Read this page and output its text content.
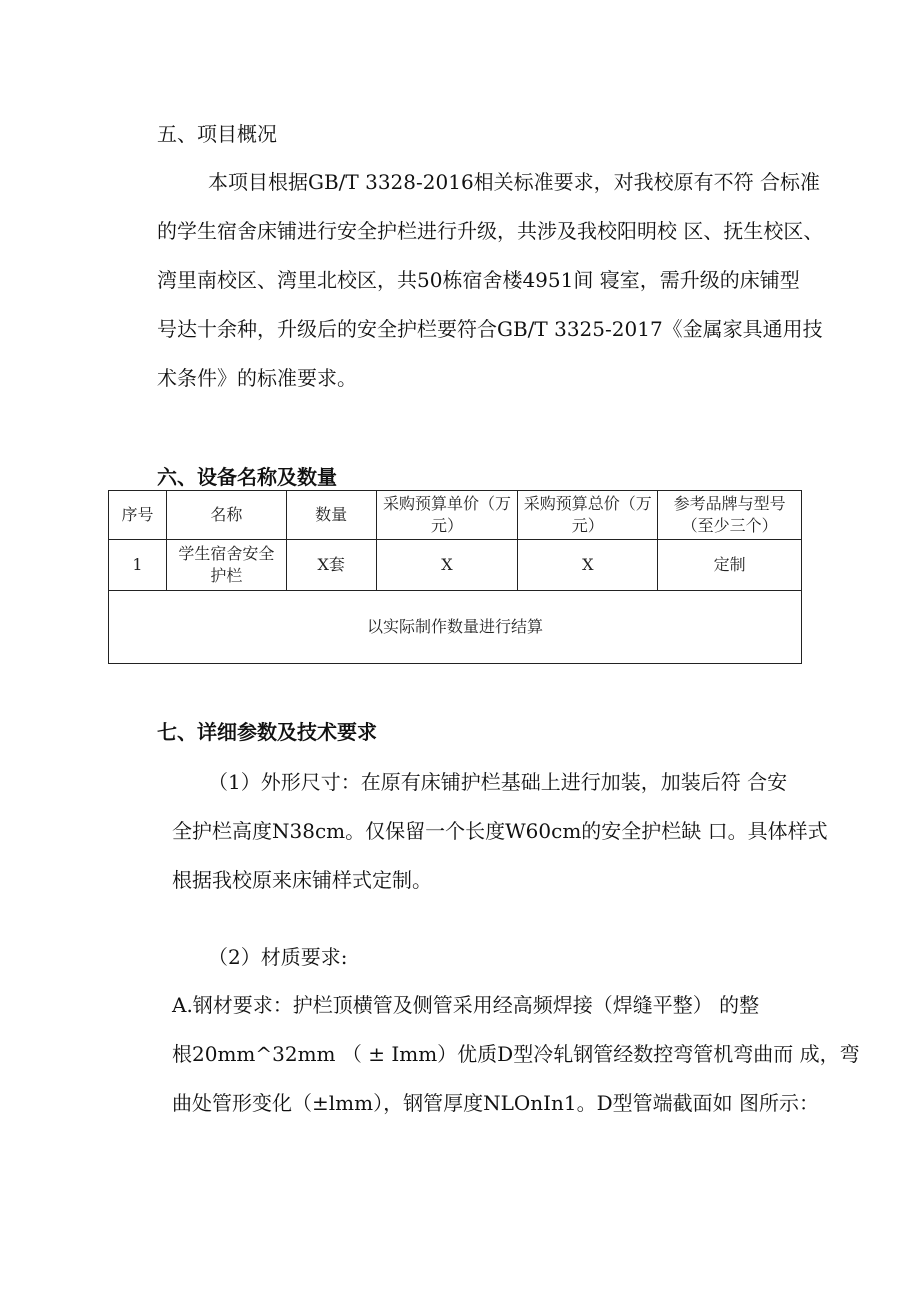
五、项目概况
本项目根据GB/T 3328-2016相关标准要求，对我校原有不符 合标准
的学生宿舍床铺进行安全护栏进行升级，共涉及我校阳明校 区、抚生校区、
湾里南校区、湾里北校区，共50栋宿舍楼4951间 寝室，需升级的床铺型
号达十余种，升级后的安全护栏要符合GB/T 3325-2017《金属家具通用技
术条件》的标准要求。
六、设备名称及数量
序号	名称	数量	采购预算单价（万元）	采购预算总价（万元）	参考品牌与型号（至少三个）
1	学生宿舍安全护栏	X套	X	X	定制
以实际制作数量进行结算					
七、详细参数及技术要求
（1）外形尺寸：在原有床铺护栏基础上进行加装，加装后符 合安
全护栏高度N38cm。仅保留一个长度W60cm的安全护栏缺 口。具体样式
根据我校原来床铺样式定制。
（2）材质要求:
A.钢材要求：护栏顶横管及侧管采用经高频焊接（焊缝平整） 的整
根20mm^32mm （ ± Imm）优质D型冷轧钢管经数控弯管机弯曲而 成，弯
曲处管形变化（±lmm），钢管厚度NLOnIn1。D型管端截面如 图所示：
